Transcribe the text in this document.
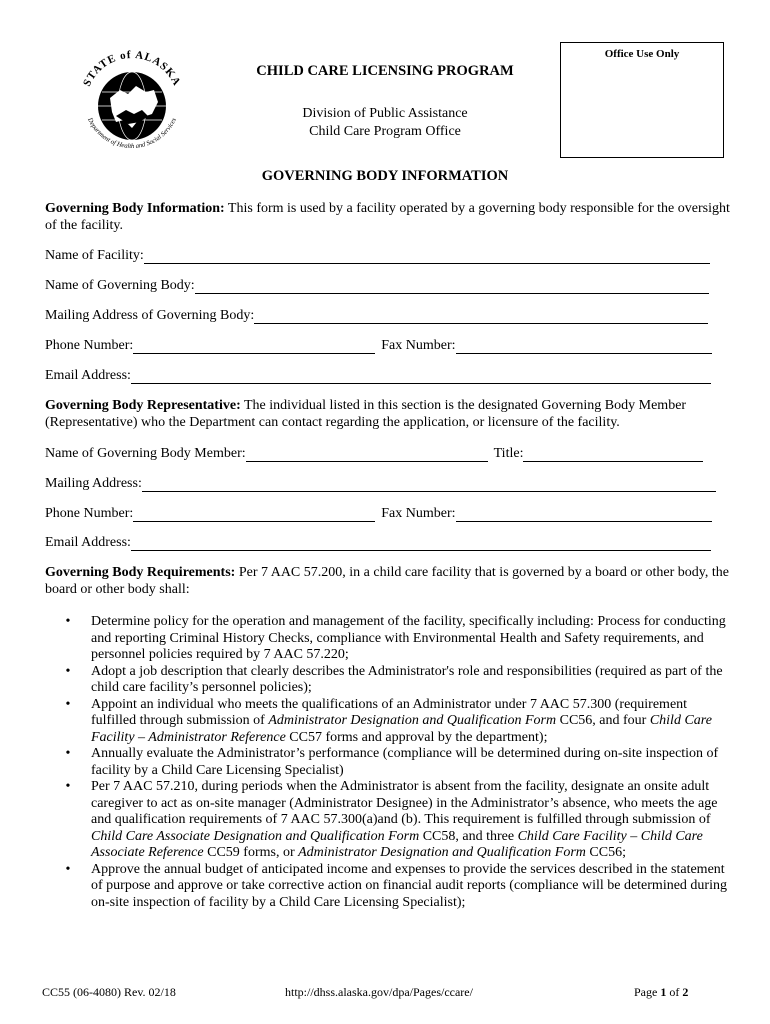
STATE of ALASKA
Department of Health and Social Services
Office Use Only
CHILD CARE LICENSING PROGRAM
Division of Public Assistance
Child Care Program Office
GOVERNING BODY INFORMATION
Governing Body Information: This form is used by a facility operated by a governing body responsible for the oversight of the facility.
Name of Facility:
Name of Governing Body:
Mailing Address of Governing Body:
Phone Number:	Fax Number:
Email Address:
Governing Body Representative: The individual listed in this section is the designated Governing Body Member (Representative) who the Department can contact regarding the application, or licensure of the facility.
Name of Governing Body Member:	Title:
Mailing Address:
Phone Number:	Fax Number:
Email Address:
Governing Body Requirements: Per 7 AAC 57.200, in a child care facility that is governed by a board or other body, the board or other body shall:
•	Determine policy for the operation and management of the facility, specifically including: Process for conducting and reporting Criminal History Checks, compliance with Environmental Health and Safety requirements, and personnel policies required by 7 AAC 57.220;
•	Adopt a job description that clearly describes the Administrator's role and responsibilities (required as part of the child care facility’s personnel policies);
•	Appoint an individual who meets the qualifications of an Administrator under 7 AAC 57.300 (requirement fulfilled through submission of Administrator Designation and Qualification Form CC56, and four Child Care Facility – Administrator Reference CC57 forms and approval by the department);
•	Annually evaluate the Administrator’s performance (compliance will be determined during on-site inspection of facility by a Child Care Licensing Specialist)
•	Per 7 AAC 57.210, during periods when the Administrator is absent from the facility, designate an onsite adult caregiver to act as on-site manager (Administrator Designee) in the Administrator’s absence, who meets the age and qualification requirements of 7 AAC 57.300(a)and (b). This requirement is fulfilled through submission of Child Care Associate Designation and Qualification Form CC58, and three Child Care Facility – Child Care Associate Reference CC59 forms, or Administrator Designation and Qualification Form CC56;
•	Approve the annual budget of anticipated income and expenses to provide the services described in the statement of purpose and approve or take corrective action on financial audit reports (compliance will be determined during on-site inspection of facility by a Child Care Licensing Specialist);
CC55 (06-4080) Rev. 02/18	http://dhss.alaska.gov/dpa/Pages/ccare/	Page 1 of 2
